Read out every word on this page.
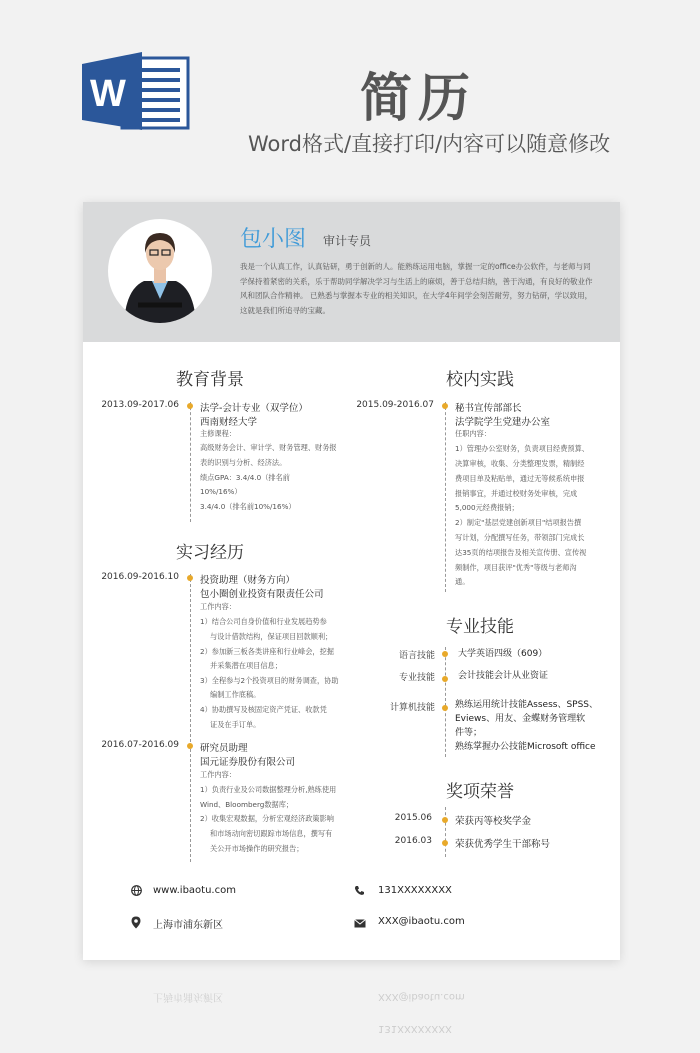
W	简历
Word格式/直接打印/内容可以随意修改
包小图 审计专员
我是一个认真工作，认真钻研，勇于创新的人。能熟练运用电脑，掌握一定的office办公软件，与老师与同学保持着紧密的关系，乐于帮助同学解决学习与生活上的麻烦，善于总结归纳，善于沟通，有良好的敬业作风和团队合作精神。 已熟悉与掌握本专业的相关知识，在大学4年间学会刻苦耐劳，努力钻研，学以致用，这就是我们所追寻的宝藏。
教育背景
2013.09-2017.06 法学-会计专业（双学位）
西南财经大学
主修课程：
高级财务会计、审计学、财务管理、财务报
表的识别与分析、经济法。
绩点GPA：3.4/4.0（排名前
10%/16%）
3.4/4.0（排名前10%/16%）
实习经历
2016.09-2016.10 投资助理（财务方向）
包小圈创业投资有限责任公司
工作内容：
1）结合公司自身价值和行业发展趋势参
与设计借款结构，保证项目回款顺利；
2）参加新三板各类讲座和行业峰会，挖掘
并采集潜在项目信息；
3）全程参与2个投资项目的财务调查，协助
编制工作底稿。
4）协助撰写及核固定资产凭证、收款凭
证及在手订单。
2016.07-2016.09 研究员助理
国元证券股份有限公司
工作内容：
1）负责行业及公司数据整理分析,熟练使用
Wind、Bloomberg数据库；
2）收集宏观数据，分析宏观经济政策影响
和市场动向密切跟踪市场信息，撰写有
关公开市场操作的研究报告；
校内实践
2015.09-2016.07 秘书宣传部部长
法学院学生党建办公室
任职内容：
1）管理办公室财务，负责项目经费预算、
决算审核，收集、分类整理发票，精制经
费项目单及粘贴单，通过无等候系统申报
报销事宜，并通过校财务处审核，完成
5,000元经费报销；
2）制定"基层党建创新项目"结项报告撰
写计划，分配撰写任务，带领部门完成长
达35页的结项报告及相关宣传册、宣传视
频制作，项目获评"优秀"等级与老师沟
通。
专业技能
语言技能	大学英语四级（609）
专业技能	会计技能会计从业资证
计算机技能 熟练运用统计技能Assess、SPSS、
Eviews、用友、金蝶财务管理软
件等；
熟练掌握办公技能Microsoft office
奖项荣誉
2015.06 荣获丙等校奖学金
2016.03 荣获优秀学生干部称号
www.ibaotu.com	131XXXXXXXX
上海市浦东新区	XXX@ibaotu.com
上海市浦东新区	XXX@ibaotu.com
131XXXXXXXX
